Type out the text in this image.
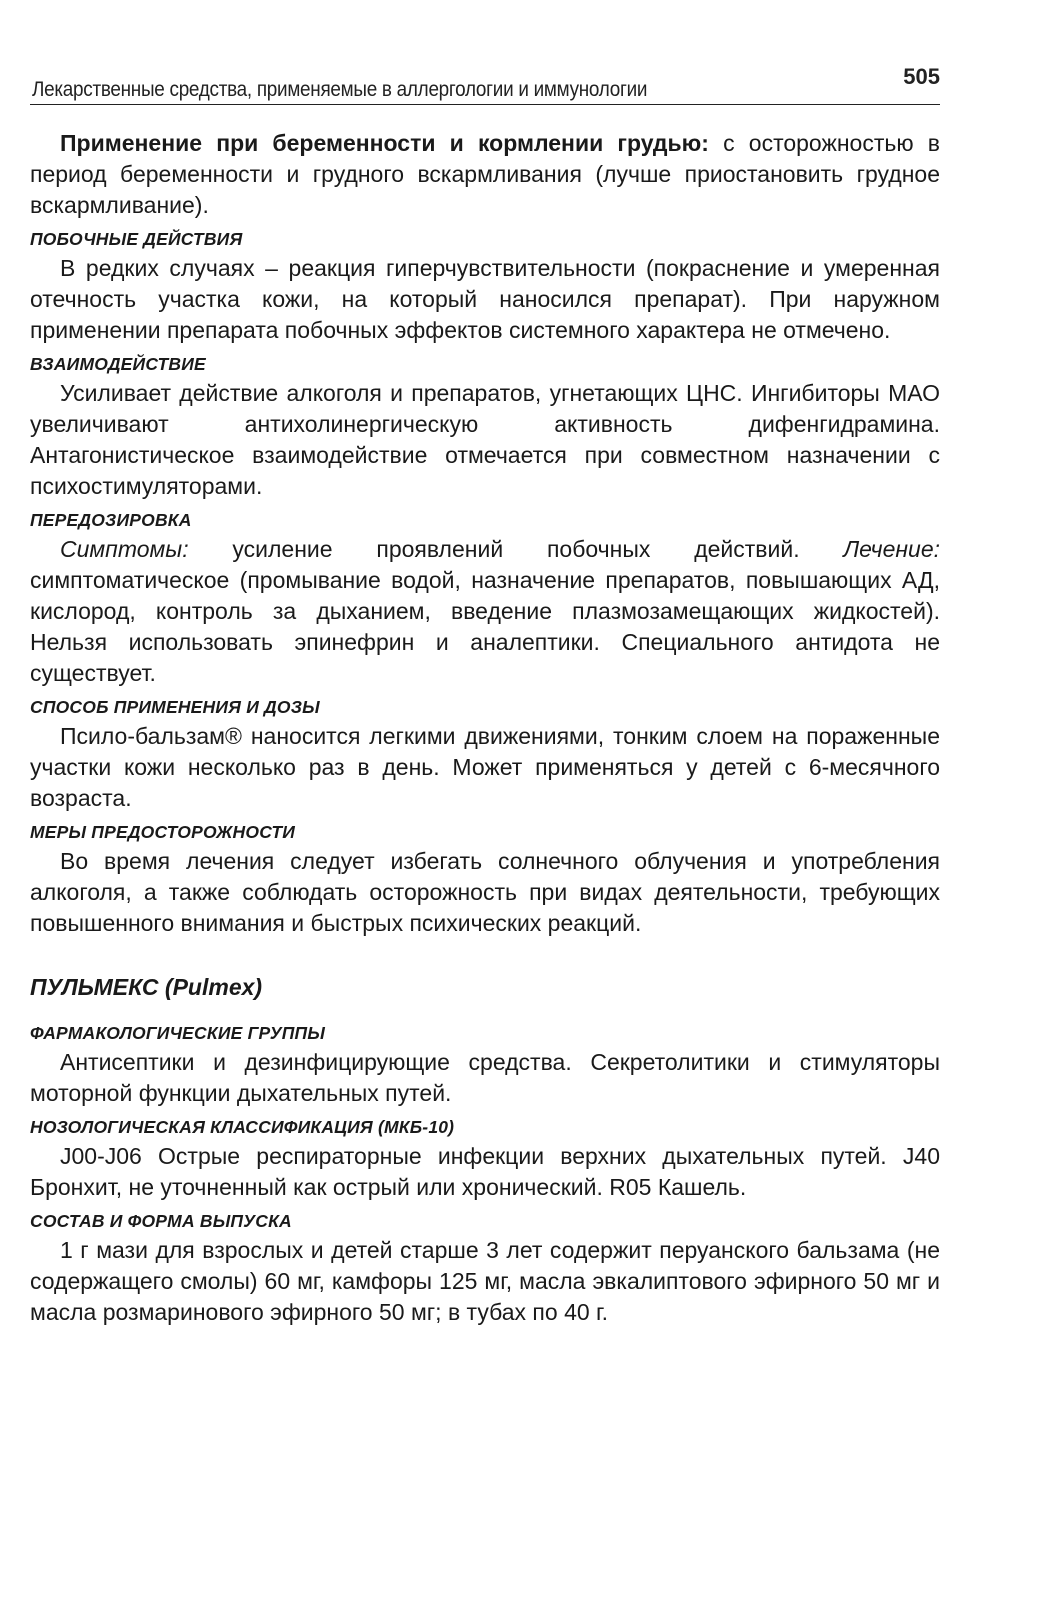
Лекарственные средства, применяемые в аллергологии и иммунологии
505

Применение при беременности и кормлении грудью: с осторожностью в период беременности и грудного вскармливания (лучше приостановить грудное вскармливание).

ПОБОЧНЫЕ ДЕЙСТВИЯ

В редких случаях – реакция гиперчувствительности (покраснение и умеренная отечность участка кожи, на который наносился препарат). При наружном применении препарата побочных эффектов системного характера не отмечено.

ВЗАИМОДЕЙСТВИЕ

Усиливает действие алкоголя и препаратов, угнетающих ЦНС. Ингибиторы МАО увеличивают антихолинергическую активность дифенгидрамина. Антагонистическое взаимодействие отмечается при совместном назначении с психостимуляторами.

ПЕРЕДОЗИРОВКА

Симптомы: усиление проявлений побочных действий. Лечение: симптоматическое (промывание водой, назначение препаратов, повышающих АД, кислород, контроль за дыханием, введение плазмозамещающих жидкостей). Нельзя использовать эпинефрин и аналептики. Специального антидота не существует.

СПОСОБ ПРИМЕНЕНИЯ И ДОЗЫ

Псило-бальзам® наносится легкими движениями, тонким слоем на пораженные участки кожи несколько раз в день. Может применяться у детей с 6-месячного возраста.

МЕРЫ ПРЕДОСТОРОЖНОСТИ

Во время лечения следует избегать солнечного облучения и употребления алкоголя, а также соблюдать осторожность при видах деятельности, требующих повышенного внимания и быстрых психических реакций.

ПУЛЬМЕКС (Pulmex)
ФАРМАКОЛОГИЧЕСКИЕ ГРУППЫ

Антисептики и дезинфицирующие средства. Секретолитики и стимуляторы моторной функции дыхательных путей.

НОЗОЛОГИЧЕСКАЯ КЛАССИФИКАЦИЯ (МКБ-10)

J00-J06 Острые респираторные инфекции верхних дыхательных путей. J40 Бронхит, не уточненный как острый или хронический. R05 Кашель.

СОСТАВ И ФОРМА ВЫПУСКА

1 г мази для взрослых и детей старше 3 лет содержит перуанского бальзама (не содержащего смолы) 60 мг, камфоры 125 мг, масла эвкалиптового эфирного 50 мг и масла розмаринового эфирного 50 мг; в тубах по 40 г.
